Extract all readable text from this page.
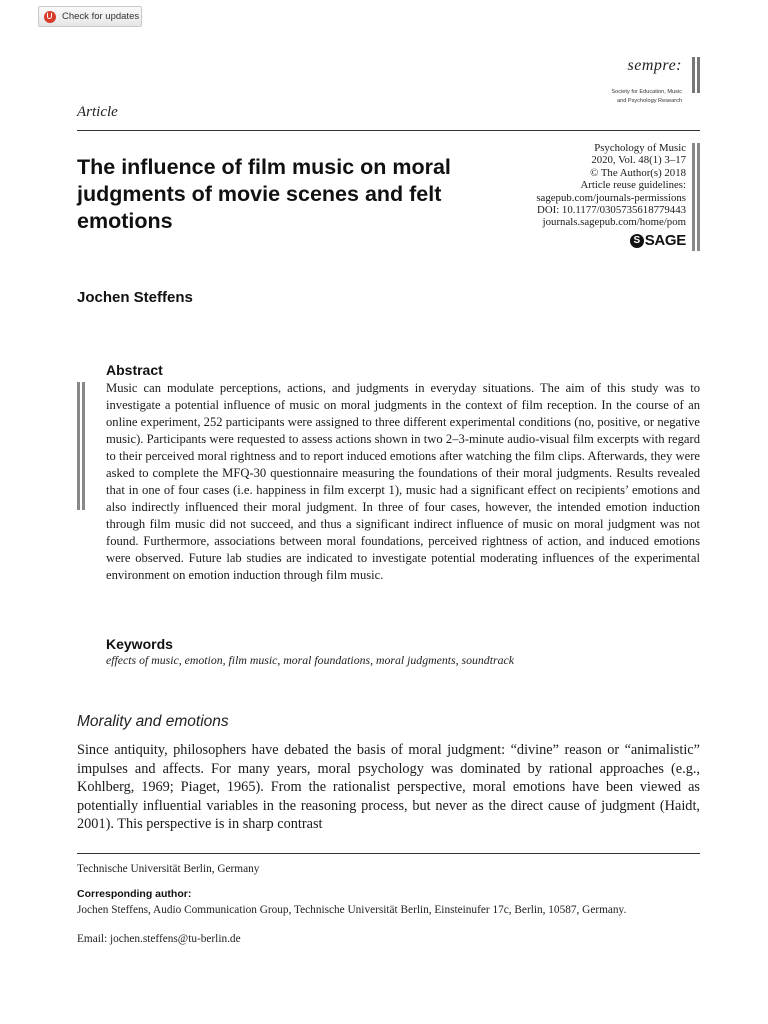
Check for updates
sempre:
Society for Education, Music
and Psychology Research
Article
The influence of film music on moral judgments of movie scenes and felt emotions
Psychology of Music
2020, Vol. 48(1) 3–17
© The Author(s) 2018
Article reuse guidelines:
sagepub.com/journals-permissions
DOI: 10.1177/0305735618779443
journals.sagepub.com/home/pom
S SAGE
Jochen Steffens
Abstract

Music can modulate perceptions, actions, and judgments in everyday situations. The aim of this study was to investigate a potential influence of music on moral judgments in the context of film reception. In the course of an online experiment, 252 participants were assigned to three different experimental conditions (no, positive, or negative music). Participants were requested to assess actions shown in two 2–3-minute audio-visual film excerpts with regard to their perceived moral rightness and to report induced emotions after watching the film clips. Afterwards, they were asked to complete the MFQ-30 questionnaire measuring the foundations of their moral judgments. Results revealed that in one of four cases (i.e. happiness in film excerpt 1), music had a significant effect on recipients’ emotions and also indirectly influenced their moral judgment. In three of four cases, however, the intended emotion induction through film music did not succeed, and thus a significant indirect influence of music on moral judgment was not found. Furthermore, associations between moral foundations, perceived rightness of action, and induced emotions were observed. Future lab studies are indicated to investigate potential moderating influences of the experimental environment on emotion induction through film music.

Keywords
effects of music, emotion, film music, moral foundations, moral judgments, soundtrack
Morality and emotions

Since antiquity, philosophers have debated the basis of moral judgment: “divine” reason or “animalistic” impulses and affects. For many years, moral psychology was dominated by rational approaches (e.g., Kohlberg, 1969; Piaget, 1965). From the rationalist perspective, moral emotions have been viewed as potentially influential variables in the reasoning process, but never as the direct cause of judgment (Haidt, 2001). This perspective is in sharp contrast

Technische Universität Berlin, Germany
Corresponding author:
Jochen Steffens, Audio Communication Group, Technische Universität Berlin, Einsteinufer 17c, Berlin, 10587, Germany.
Email: jochen.steffens@tu-berlin.de
